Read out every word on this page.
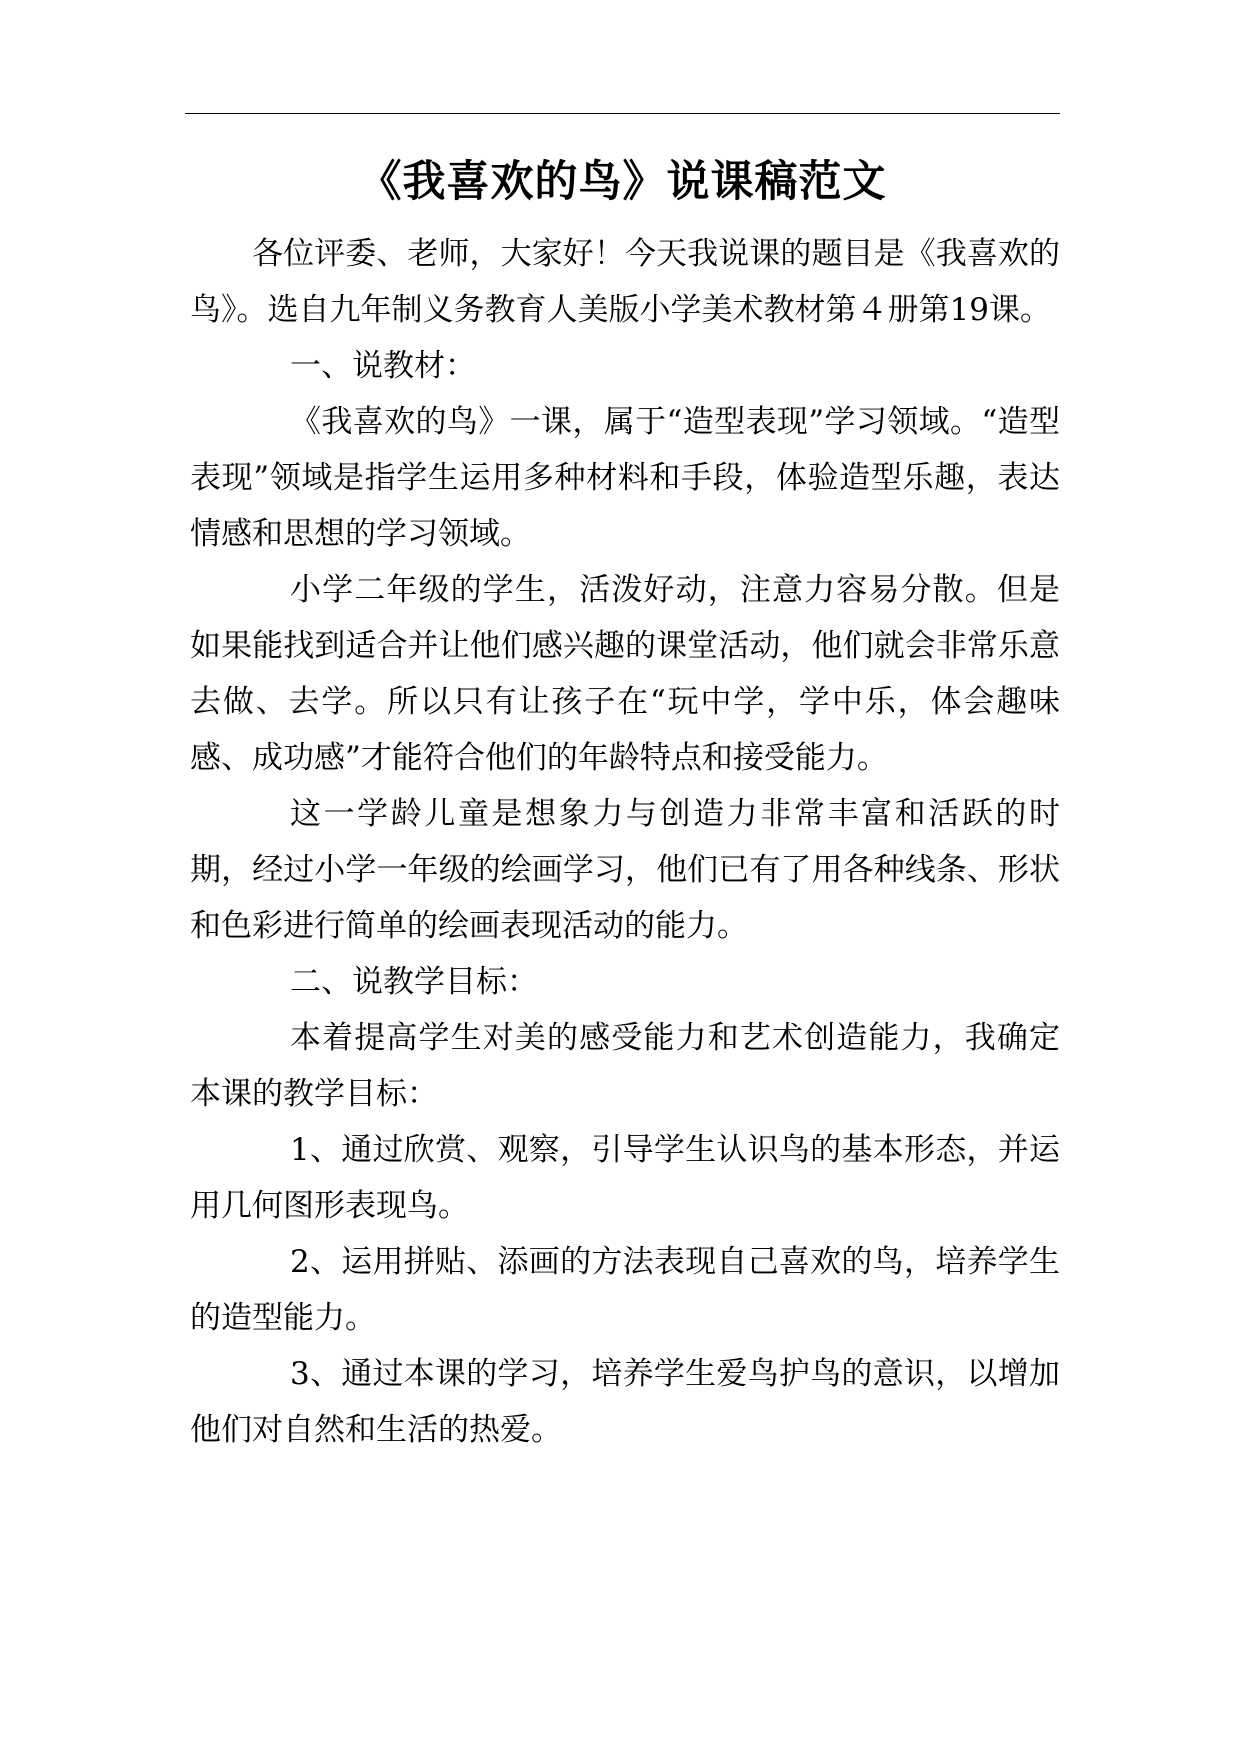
《我喜欢的鸟》说课稿范文

各位评委、老师，大家好！今天我说课的题目是《我喜欢的鸟》。选自九年制义务教育人美版小学美术教材第４册第19课。

一、说教材：

《我喜欢的鸟》一课，属于“造型表现”学习领域。“造型表现”领域是指学生运用多种材料和手段，体验造型乐趣，表达情感和思想的学习领域。

小学二年级的学生，活泼好动，注意力容易分散。但是如果能找到适合并让他们感兴趣的课堂活动，他们就会非常乐意去做、去学。所以只有让孩子在“玩中学，学中乐，体会趣味感、成功感”才能符合他们的年龄特点和接受能力。

这一学龄儿童是想象力与创造力非常丰富和活跃的时期，经过小学一年级的绘画学习，他们已有了用各种线条、形状和色彩进行简单的绘画表现活动的能力。

二、说教学目标：

本着提高学生对美的感受能力和艺术创造能力，我确定本课的教学目标：

1、通过欣赏、观察，引导学生认识鸟的基本形态，并运用几何图形表现鸟。

2、运用拼贴、添画的方法表现自己喜欢的鸟，培养学生的造型能力。

3、通过本课的学习，培养学生爱鸟护鸟的意识，以增加他们对自然和生活的热爱。
